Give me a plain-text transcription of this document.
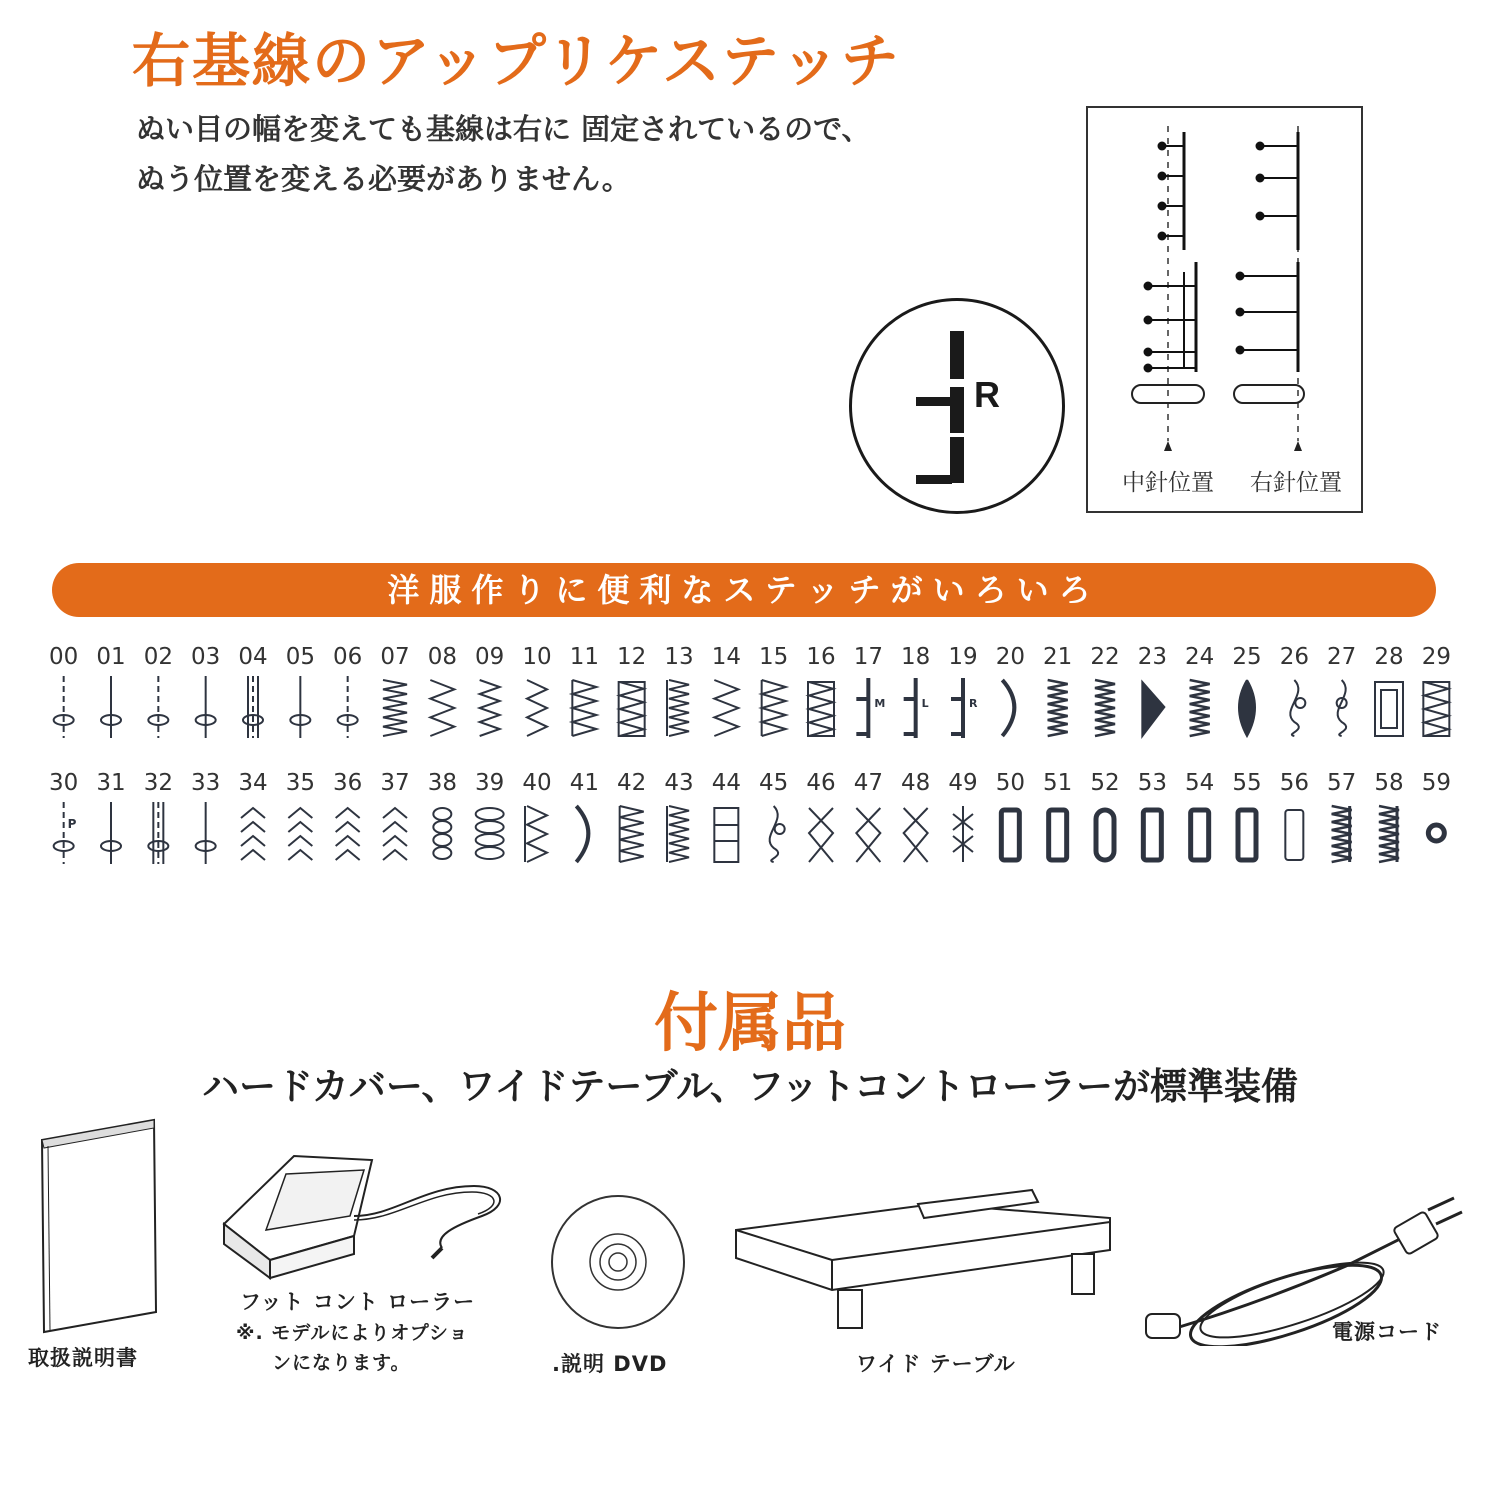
右基線のアップリケステッチ
ぬい目の幅を変えても基線は右に 固定されているので、
ぬう位置を変える必要がありません。
R
中針位置 右針位置
洋服作りに便利なステッチがいろいろ
00 01 02 03 04 05 06 07 08 09 10 11 12 13 14 15 16 17
M
18
L
19
R
20 21 22 23 24 25 26 27 28 29
30
P
31 32 33 34 35 36 37 38 39 40 41 42 43 44 45 46 47 48 49 50 51 52 53 54 55 56 57 58 59
付属品
ハードカバー、ワイドテーブル、フットコントローラーが標準装備
取扱説明書
フット コント ローラー
※. モデルによりオプショ
ンになります。	.説明 DVD	ワイド テーブル
電源コード
